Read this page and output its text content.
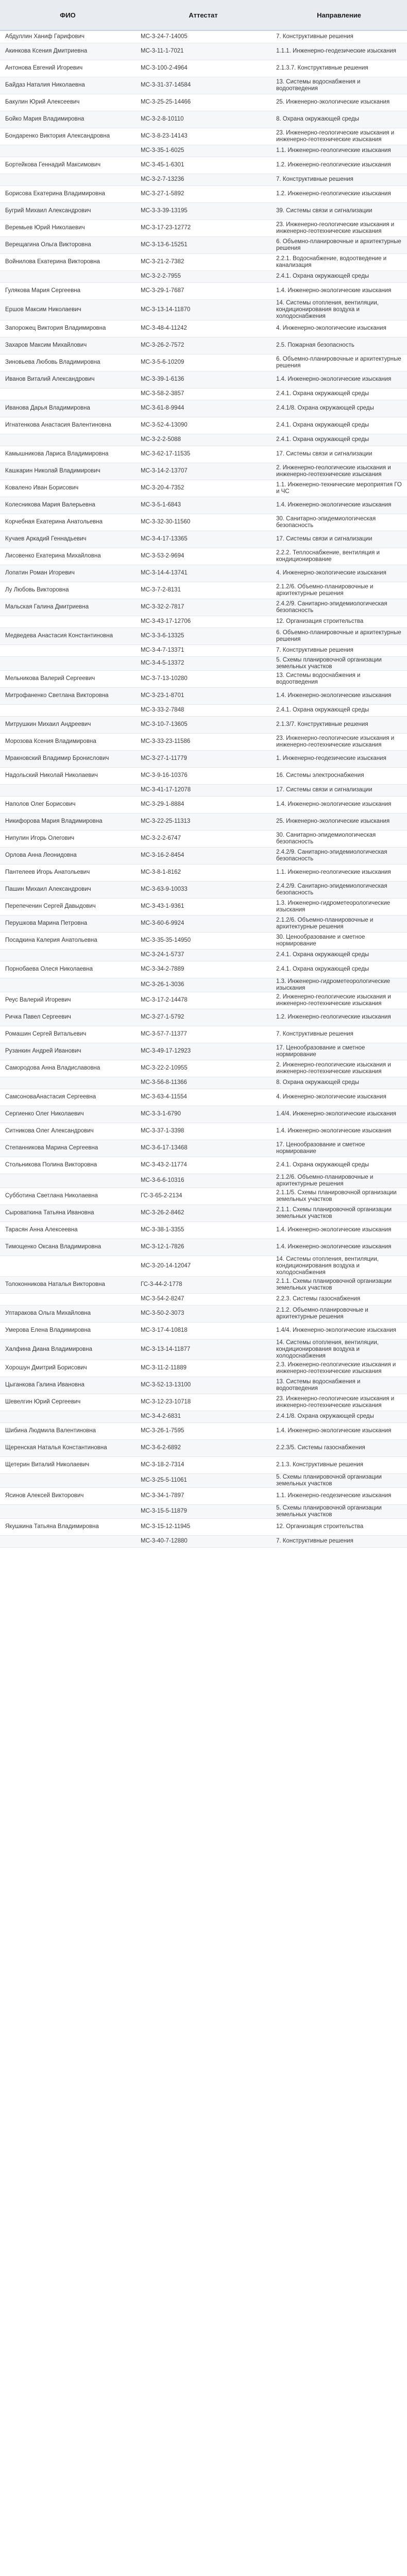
ФИО	Аттестат	Направление
Абдуллин Ханиф Гарифович	МС-3-24-7-14005	7. Конструктивные решения
Акинкова Ксения Дмитриевна	МС-3-11-1-7021	1.1.1. Инженерно-геодезические изыскания
Антонова Евгений Игоревич	МС-3-100-2-4964	2.1.3.7. Конструктивные решения
Байдаз Наталия Николаевна	МС-3-31-37-14584	13. Системы водоснабжения и водоотведения
Бакулин Юрий Алексеевич	МС-3-25-25-14466	25. Инженерно-экологические изыскания
Бойко Мария Владимировна	МС-3-2-8-10110	8. Охрана окружающей среды
Бондаренко Виктория Александровна	МС-3-8-23-14143	23. Инженерно-геологические изыскания и инженерно-геотехнические изыскания
	МС-3-35-1-6025	1.1. Инженерно-геологические изыскания
Бортейкова Геннадий Максимович	МС-3-45-1-6301	1.2. Инженерно-геологические изыскания
	МС-3-2-7-13236	7. Конструктивные решения
Борисова Екатерина Владимировна	МС-3-27-1-5892	1.2. Инженерно-геологические изыскания
Бугрий Михаил Александрович	МС-3-3-39-13195	39. Системы связи и сигнализации
Веремьев Юрий Николаевич	МС-3-17-23-12772	23. Инженерно-геологические изыскания и инженерно-геотехнические изыскания
Верещагина Ольга Викторовна	МС-3-13-6-15251	6. Объемно-планировочные и архитектурные решения
Войнилова Екатерина Викторовна	МС-3-21-2-7382	2.2.1. Водоснабжение, водоотведение и канализация
	МС-3-2-2-7955	2.4.1. Охрана окружающей среды
Гулякова Мария Сергеевна	МС-3-29-1-7687	1.4. Инженерно-экологические изыскания
Ершов Максим Николаевич	МС-3-13-14-11870	14. Системы отопления, вентиляции, кондиционирования воздуха и холодоснабжения
Запорожец Виктория Владимировна	МС-3-48-4-11242	4. Инженерно-экологические изыскания
Захаров Максим Михайлович	МС-3-26-2-7572	2.5. Пожарная безопасность
Зиновьева Любовь Владимировна	МС-3-5-6-10209	6. Объемно-планировочные и архитектурные решения
Иванов Виталий Александрович	МС-3-39-1-6136	1.4. Инженерно-экологические изыскания
	МС-3-58-2-3857	2.4.1. Охрана окружающей среды
Иванова Дарья Владимировна	МС-3-61-8-9944	2.4.1/8. Охрана окружающей среды
Игнатенкова Анастасия Валентиновна	МС-3-52-4-13090	2.4.1. Охрана окружающей среды
	МС-3-2-2-5088	2.4.1. Охрана окружающей среды
Камышникова Лариса Владимировна	МС-3-62-17-11535	17. Системы связи и сигнализации
Кашкарин Николай Владимирович	МС-3-14-2-13707	2. Инженерно-геологические изыскания и инженерно-геотехнические изыскания
Ковалено Иван Борисович	МС-3-20-4-7352	1.1. Инженерно-технические мероприятия ГО и ЧС
Колесникова Мария Валерьевна	МС-3-5-1-6843	1.4. Инженерно-экологические изыскания
Корчебная Екатерина Анатольевна	МС-3-32-30-11560	30. Санитарно-эпидемиологическая безопасность
Кучаев Аркадий Геннадьевич	МС-3-4-17-13365	17. Системы связи и сигнализации
Лисовенко Екатерина Михайловна	МС-3-53-2-9694	2.2.2. Теплоснабжение, вентиляция и кондиционирование
Лопатин Роман Игоревич	МС-3-14-4-13741	4. Инженерно-экологические изыскания
Лу Любовь Викторовна	МС-3-7-2-8131	2.1.2/6. Объемно-планировочные и архитектурные решения
Мальская Галина Дмитриевна	МС-3-32-2-7817	2.4.2/9. Санитарно-эпидемиологическая безопасность
	МС-3-43-17-12706	12. Организация строительства
Медведева Анастасия Константиновна	МС-3-3-6-13325	6. Объемно-планировочные и архитектурные решения
	МС-3-4-7-13371	7. Конструктивные решения
	МС-3-4-5-13372	5. Схемы планировочной организации земельных участков
Мельникова Валерий Сергеевич	МС-3-7-13-10280	13. Системы водоснабжения и водоотведения
Митрофаненко Светлана Викторовна	МС-3-23-1-8701	1.4. Инженерно-экологические изыскания
	МС-3-33-2-7848	2.4.1. Охрана окружающей среды
Митрушкин Михаил Андреевич	МС-3-10-7-13605	2.1.3/7. Конструктивные решения
Морозова Ксения Владимировна	МС-3-33-23-11586	23. Инженерно-геологические изыскания и инженерно-геотехнические изыскания
Мракновский Владимир Бронислович	МС-3-27-1-11779	1. Инженерно-геодезические изыскания
Надольский Николай Николаевич	МС-3-9-16-10376	16. Системы электроснабжения
	МС-3-41-17-12078	17. Системы связи и сигнализации
Наполов Олег Борисович	МС-3-29-1-8884	1.4. Инженерно-экологические изыскания
Никифорова Мария Владимировна	МС-3-22-25-11313	25. Инженерно-экологические изыскания
Нипулин Игорь Олегович	МС-3-2-2-6747	30. Санитарно-эпидемиологическая безопасность
Орлова Анна Леонидовна	МС-3-16-2-8454	2.4.2/9. Санитарно-эпидемиологическая безопасность
Пантелеев Игорь Анатольевич	МС-3-8-1-8162	1.1. Инженерно-геологические изыскания
Пашин Михаил Александрович	МС-3-63-9-10033	2.4.2/9. Санитарно-эпидемиологическая безопасность
Перепеченин Сергей Давыдович	МС-3-43-1-9361	1.3. Инженерно-гидрометеорологические изыскания
Перушкова Марина Петровна	МС-3-60-6-9924	2.1.2/6. Объемно-планировочные и архитектурные решения
Посадкина Калерия Анатольевна	МС-3-35-35-14950	30. Ценообразование и сметное нормирование
	МС-3-24-1-5737	2.4.1. Охрана окружающей среды
Порнобаева Олеся Николаевна	МС-3-34-2-7889	2.4.1. Охрана окружающей среды
	МС-3-26-1-3036	1.3. Инженерно-гидрометеорологические изыскания
Реус Валерий Игоревич	МС-3-17-2-14478	2. Инженерно-геологические изыскания и инженерно-геотехнические изыскания
Ричка Павел Сергеевич	МС-3-27-1-5792	1.2. Инженерно-геологические изыскания
Ромашин Сергей Витальевич	МС-3-57-7-11377	7. Конструктивные решения
Рузанкин Андрей Иванович	МС-3-49-17-12923	17. Ценообразование и сметное нормирование
Самородова Анна Владиславовна	МС-3-22-2-10955	2. Инженерно-геологические изыскания и инженерно-геотехнические изыскания
	МС-3-56-8-11366	8. Охрана окружающей среды
СамсоноваАнастасия Сергеевна	МС-3-63-4-11554	4. Инженерно-экологические изыскания
Сергиенко Олег Николаевич	МС-3-3-1-6790	1.4/4. Инженерно-экологические изыскания
Ситникова Олег Александрович	МС-3-37-1-3398	1.4. Инженерно-экологические изыскания
Степанникова Марина Сергеевна	МС-3-6-17-13468	17. Ценообразование и сметное нормирование
Стольникова Полина Викторовна	МС-3-43-2-11774	2.4.1. Охрана окружающей среды
	МС-3-6-6-10316	2.1.2/6. Объемно-планировочные и архитектурные решения
Субботина Светлана Николаевна	ГС-3-65-2-2134	2.1.1/5. Схемы планировочной организации земельных участков
Сыроваткина Татьяна Ивановна	МС-3-26-2-8462	2.1.1. Схемы планировочной организации земельных участков
Тарасян Анна Алексеевна	МС-3-38-1-3355	1.4. Инженерно-экологические изыскания
Тимощенко Оксана Владимировна	МС-3-12-1-7826	1.4. Инженерно-экологические изыскания
	МС-3-20-14-12047	14. Системы отопления, вентиляции, кондиционирования воздуха и холодоснабжения
Толоконникова Наталья Викторовна	ГС-3-44-2-1778	2.1.1. Схемы планировочной организации земельных участков
	МС-3-54-2-8247	2.2.3. Системы газоснабжения
Уптаракова Ольга Михайловна	МС-3-50-2-3073	2.1.2. Объемно-планировочные и архитектурные решения
Умерова Елена Владимировна	МС-3-17-4-10818	1.4/4. Инженерно-экологические изыскания
Халфина Диана Владимировна	МС-3-13-14-11877	14. Системы отопления, вентиляции, кондиционирования воздуха и холодоснабжения
Хорошун Дмитрий Борисович	МС-3-11-2-11889	2.3. Инженерно-геологические изыскания и инженерно-геотехнические изыскания
Цыганкова Галина Ивановна	МС-3-52-13-13100	13. Системы водоснабжения и водоотведения
Шевелгин Юрий Сергеевич	МС-3-12-23-10718	23. Инженерно-геологические изыскания и инженерно-геотехнические изыскания
	МС-3-4-2-6831	2.4.1/8. Охрана окружающей среды
Шибина Людмила Валентиновна	МС-3-26-1-7595	1.4. Инженерно-экологические изыскания
Щеренская Наталья Константиновна	МС-3-6-2-6892	2.2.3/5. Системы газоснабжения
Щетерин Виталий Николаевич	МС-3-18-2-7314	2.1.3. Конструктивные решения
	МС-3-25-5-11061	5. Схемы планировочной организации земельных участков
Ясинов Алексей Викторович	МС-3-34-1-7897	1.1. Инженерно-геодезические изыскания
	МС-3-15-5-11879	5. Схемы планировочной организации земельных участков
Якушкина Татьяна Владимировна	МС-3-15-12-11945	12. Организация строительства
	МС-3-40-7-12880	7. Конструктивные решения
